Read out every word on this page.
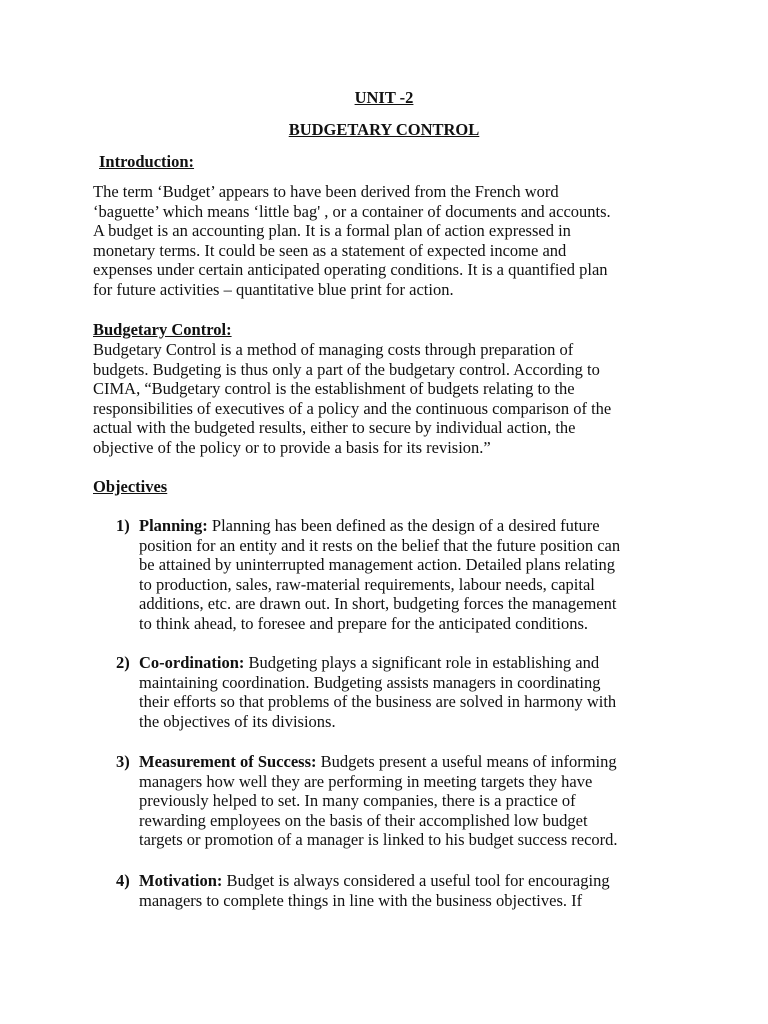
UNIT -2
BUDGETARY CONTROL
Introduction:
The term ‘Budget’ appears to have been derived from the French word
‘baguette’ which means ‘little bag' , or a container of documents and accounts.
A budget is an accounting plan. It is a formal plan of action expressed in
monetary terms. It could be seen as a statement of expected income and
expenses under certain anticipated operating conditions. It is a quantified plan
for future activities – quantitative blue print for action.
Budgetary Control:
Budgetary Control is a method of managing costs through preparation of
budgets. Budgeting is thus only a part of the budgetary control. According to
CIMA, “Budgetary control is the establishment of budgets relating to the
responsibilities of executives of a policy and the continuous comparison of the
actual with the budgeted results, either to secure by individual action, the
objective of the policy or to provide a basis for its revision.”
Objectives
1) Planning: Planning has been defined as the design of a desired future
position for an entity and it rests on the belief that the future position can
be attained by uninterrupted management action. Detailed plans relating
to production, sales, raw-material requirements, labour needs, capital
additions, etc. are drawn out. In short, budgeting forces the management
to think ahead, to foresee and prepare for the anticipated conditions.
2) Co-ordination: Budgeting plays a significant role in establishing and
maintaining coordination. Budgeting assists managers in coordinating
their efforts so that problems of the business are solved in harmony with
the objectives of its divisions.
3) Measurement of Success: Budgets present a useful means of informing
managers how well they are performing in meeting targets they have
previously helped to set. In many companies, there is a practice of
rewarding employees on the basis of their accomplished low budget
targets or promotion of a manager is linked to his budget success record.
4) Motivation: Budget is always considered a useful tool for encouraging
managers to complete things in line with the business objectives. If
